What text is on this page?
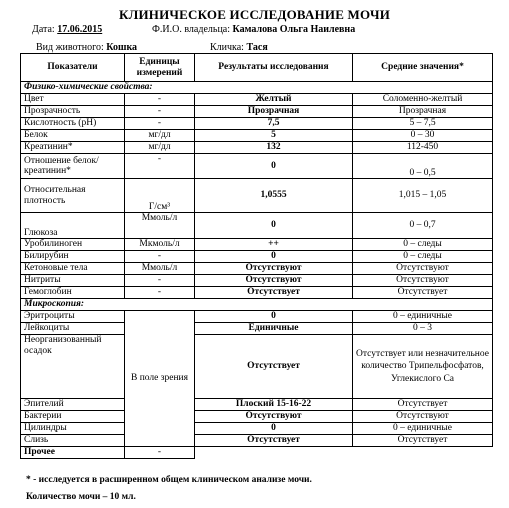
КЛИНИЧЕСКОЕ ИССЛЕДОВАНИЕ МОЧИ
Дата: 17.06.2015	Ф.И.О. владельца: Камалова Ольга Наилевна
Вид животного: Кошка	Кличка: Тася
Показатели	Единицы измерений	Результаты исследования	Средние значения*
Физико-химические свойства:			
Цвет	-	Желтый	Соломенно-желтый
Прозрачность	-	Прозрачная	Прозрачная
Кислотность (рН)	-	7,5	5 – 7,5
Белок	мг/дл	5	0 – 30
Креатинин*	мг/дл	132	112-450
Отношение белок/креатинин*	-	0	0 – 0,5
Относительная плотность	Г/см³	1,0555	1,015 – 1,05
Глюкоза	Ммоль/л	0	0 – 0,7
Уробилиноген	Мкмоль/л	++	0 – следы
Билирубин	-	0	0 – следы
Кетоновые тела	Ммоль/л	Отсутствуют	Отсутствуют
Нитриты	-	Отсутствуют	Отсутствуют
Гемоглобин	-	Отсутствует	Отсутствует
Микроскопия:			
Эритроциты	В поле зрения	0	0 – единичные
Лейкоциты		Единичные	0 – 3
Неорганизованный осадок		Отсутствует	Отсутствует или незначительное количество Трипельфосфатов, Углекислого Са
Эпителий		Плоский 15-16-22	Отсутствует
Бактерии		Отсутствуют	Отсутствуют
Цилиндры		0	0 – единичные
Слизь		Отсутствует	Отсутствует
Прочее	-		
* - исследуется в расширенном общем клиническом анализе мочи.
Количество мочи – 10 мл.
